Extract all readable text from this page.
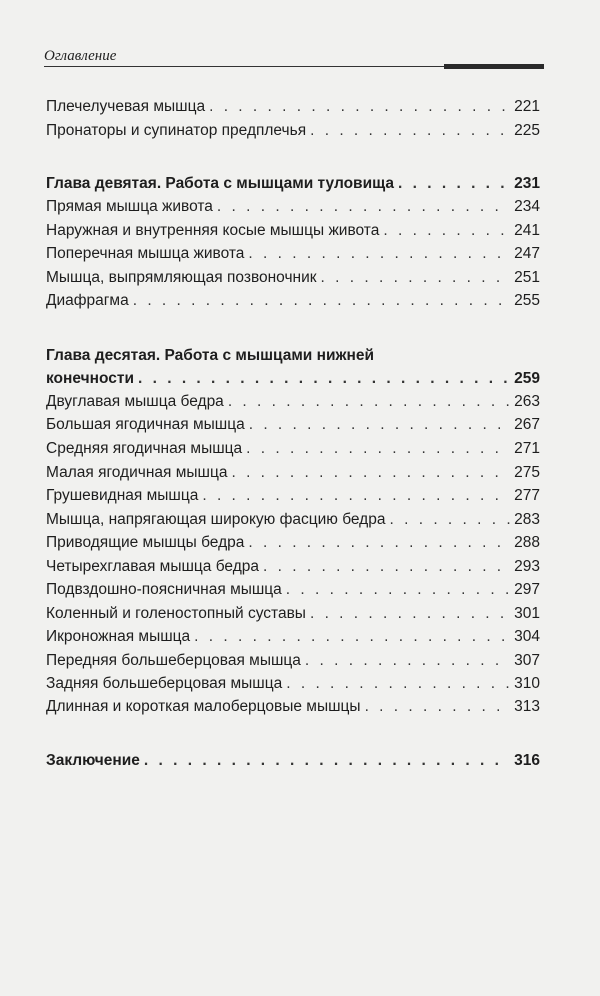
Оглавление
Плечелучевая мышца . . .	221
Пронаторы и супинатор предплечья . . .	225
Глава девятая. Работа с мышцами туловища . . .	231
Прямая мышца живота . . .	234
Наружная и внутренняя косые мышцы живота . . .	241
Поперечная мышца живота . . .	247
Мышца, выпрямляющая позвоночник . . .	251
Диафрагма . . .	255
Глава десятая. Работа с мышцами нижней
конечности . . .	259
Двуглавая мышца бедра . . .	263
Большая ягодичная мышца . . .	267
Средняя ягодичная мышца . . .	271
Малая ягодичная мышца . . .	275
Грушевидная мышца . . .	277
Мышца, напрягающая широкую фасцию бедра . . .	283
Приводящие мышцы бедра . . .	288
Четырехглавая мышца бедра . . .	293
Подвздошно-поясничная мышца . . .	297
Коленный и голеностопный суставы . . .	301
Икроножная мышца . . .	304
Передняя большеберцовая мышца . . .	307
Задняя большеберцовая мышца . . .	310
Длинная и короткая малоберцовые мышцы . . .	313
Заключение . . .	316
